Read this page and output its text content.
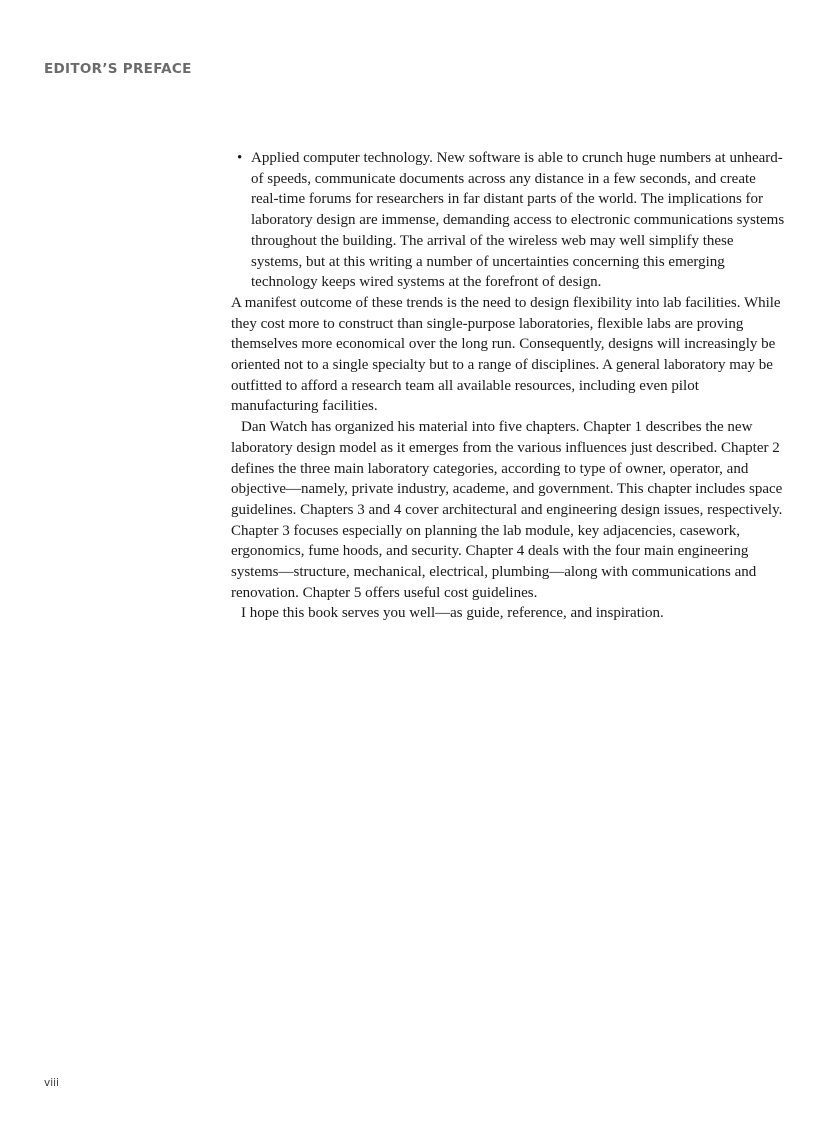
EDITOR’S PREFACE
• Applied computer technology. New software is able to crunch huge numbers at unheard-of speeds, communicate documents across any distance in a few seconds, and create real-time forums for researchers in far distant parts of the world. The implications for laboratory design are immense, demanding access to electronic communications systems throughout the building. The arrival of the wireless web may well simplify these systems, but at this writing a number of uncertainties concerning this emerging technology keeps wired systems at the forefront of design.

A manifest outcome of these trends is the need to design flexibility into lab facilities. While they cost more to construct than single-purpose laboratories, flexible labs are proving themselves more economical over the long run. Consequently, designs will increasingly be oriented not to a single specialty but to a range of disciplines. A general laboratory may be outfitted to afford a research team all available resources, including even pilot manufacturing facilities.

Dan Watch has organized his material into five chapters. Chapter 1 describes the new laboratory design model as it emerges from the various influences just described. Chapter 2 defines the three main laboratory categories, according to type of owner, operator, and objective—namely, private industry, academe, and government. This chapter includes space guidelines. Chapters 3 and 4 cover architectural and engineering design issues, respectively. Chapter 3 focuses especially on planning the lab module, key adjacencies, casework, ergonomics, fume hoods, and security. Chapter 4 deals with the four main engineering systems—structure, mechanical, electrical, plumbing—along with communications and renovation. Chapter 5 offers useful cost guidelines.

I hope this book serves you well—as guide, reference, and inspiration.

viii
